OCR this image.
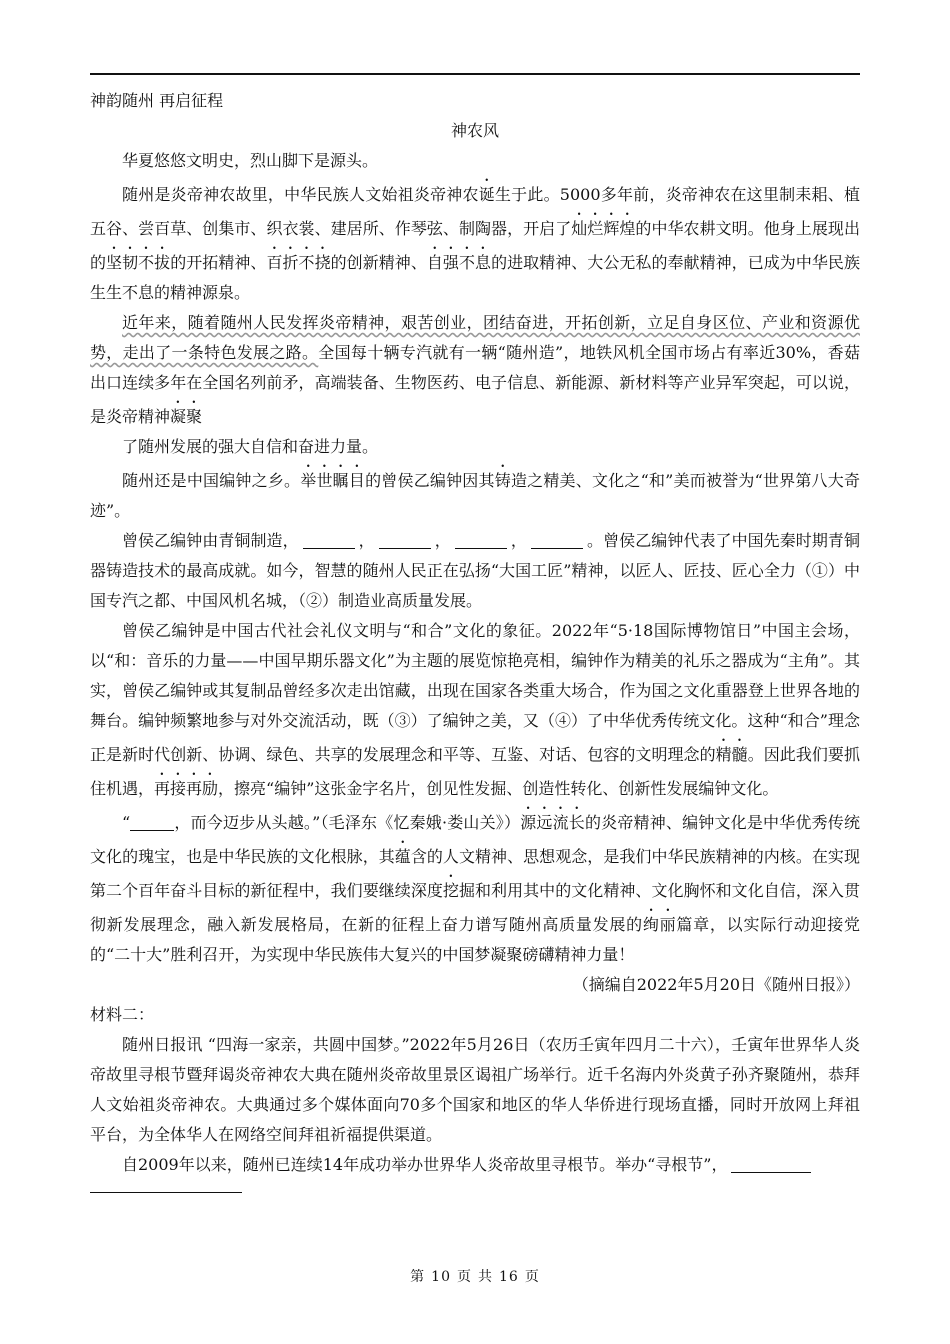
神韵随州 再启征程

神农风

华夏悠悠文明史，烈山脚下是源头。

随州是炎帝神农故里，中华民族人文始祖炎帝神农诞生于此。5000多年前，炎帝神农在这里制耒耜、植五谷、尝百草、创集市、织衣裳、建居所、作琴弦、制陶器，开启了灿烂辉煌的中华农耕文明。他身上展现出的坚韧不拔的开拓精神、百折不挠的创新精神、自强不息的进取精神、大公无私的奉献精神，已成为中华民族生生不息的精神源泉。

近年来，随着随州人民发挥炎帝精神，艰苦创业，团结奋进，开拓创新，立足自身区位、产业和资源优势，走出了一条特色发展之路。全国每十辆专汽就有一辆“随州造”，地铁风机全国市场占有率近30%，香菇出口连续多年在全国名列前矛，高端装备、生物医药、电子信息、新能源、新材料等产业异军突起，可以说，是炎帝精神凝聚

了随州发展的强大自信和奋进力量。

随州还是中国编钟之乡。举世瞩目的曾侯乙编钟因其铸造之精美、文化之“和”美而被誉为“世界第八大奇迹”。

曾侯乙编钟由青铜制造，	，	，	，	。曾侯乙编钟代表了中国先秦时期青铜器铸造技术的最高成就。如今，智慧的随州人民正在弘扬“大国工匠”精神，以匠人、匠技、匠心全力（①）中国专汽之都、中国风机名城，（②）制造业高质量发展。

曾侯乙编钟是中国古代社会礼仪文明与“和合”文化的象征。2022年“5·18国际博物馆日”中国主会场，以“和：音乐的力量——中国早期乐器文化”为主题的展览惊艳亮相，编钟作为精美的礼乐之器成为“主角”。其实，曾侯乙编钟或其复制品曾经多次走出馆藏，出现在国家各类重大场合，作为国之文化重器登上世界各地的舞台。编钟频繁地参与对外交流活动，既（③）了编钟之美，又（④）了中华优秀传统文化。这种“和合”理念正是新时代创新、协调、绿色、共享的发展理念和平等、互鉴、对话、包容的文明理念的精髓。因此我们要抓住机遇，再接再励，擦亮“编钟”这张金字名片，创见性发掘、创造性转化、创新性发展编钟文化。

“	，而今迈步从头越。”（毛泽东《忆秦娥·娄山关》）源远流长的炎帝精神、编钟文化是中华优秀传统文化的瑰宝，也是中华民族的文化根脉，其蕴含的人文精神、思想观念，是我们中华民族精神的内核。在实现第二个百年奋斗目标的新征程中，我们要继续深度挖掘和利用其中的文化精神、文化胸怀和文化自信，深入贯彻新发展理念，融入新发展格局，在新的征程上奋力谱写随州高质量发展的绚丽篇章，以实际行动迎接党的“二十大”胜利召开，为实现中华民族伟大复兴的中国梦凝聚磅礴精神力量！

（摘编自2022年5月20日《随州日报》）

材料二：

随州日报讯 “四海一家亲，共圆中国梦。”2022年5月26日（农历壬寅年四月二十六），壬寅年世界华人炎帝故里寻根节暨拜谒炎帝神农大典在随州炎帝故里景区谒祖广场举行。近千名海内外炎黄子孙齐聚随州，恭拜人文始祖炎帝神农。大典通过多个媒体面向70多个国家和地区的华人华侨进行现场直播，同时开放网上拜祖平台，为全体华人在网络空间拜祖祈福提供渠道。

自2009年以来，随州已连续14年成功举办世界华人炎帝故里寻根节。举办“寻根节”，

第 10 页 共 16 页
